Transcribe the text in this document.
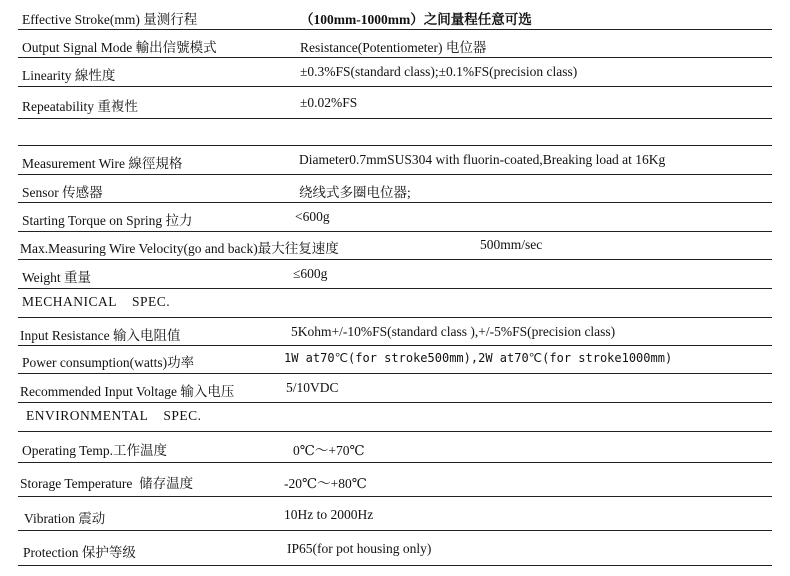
Effective Stroke(mm) 量测行程	（100mm-1000mm）之间量程任意可选
Output Signal Mode 輸出信號模式	Resistance(Potentiometer) 电位器
Linearity 線性度	±0.3%FS(standard class);±0.1%FS(precision class)
Repeatability 重複性	±0.02%FS
Measurement Wire 線徑規格	Diameter0.7mmSUS304 with fluorin-coated,Breaking load at 16Kg
Sensor 传感器	绕线式多圈电位器;
Starting Torque on Spring 拉力	<600g
Max.Measuring Wire Velocity(go and back)最大往复速度	500mm/sec
Weight 重量	≤600g
MECHANICAL    SPEC.
Input Resistance 输入电阻值	5Kohm+/-10%FS(standard class ),+/-5%FS(precision class)
Power consumption(watts)功率	1W at70℃(for stroke500mm),2W at70℃(for stroke1000mm)
Recommended Input Voltage 输入电压	5/10VDC
ENVIRONMENTAL    SPEC.
Operating Temp.工作温度	0℃～+70℃
Storage Temperature  储存温度	-20℃～+80℃
Vibration 震动	10Hz to 2000Hz
Protection 保护等级	IP65(for pot housing only)
